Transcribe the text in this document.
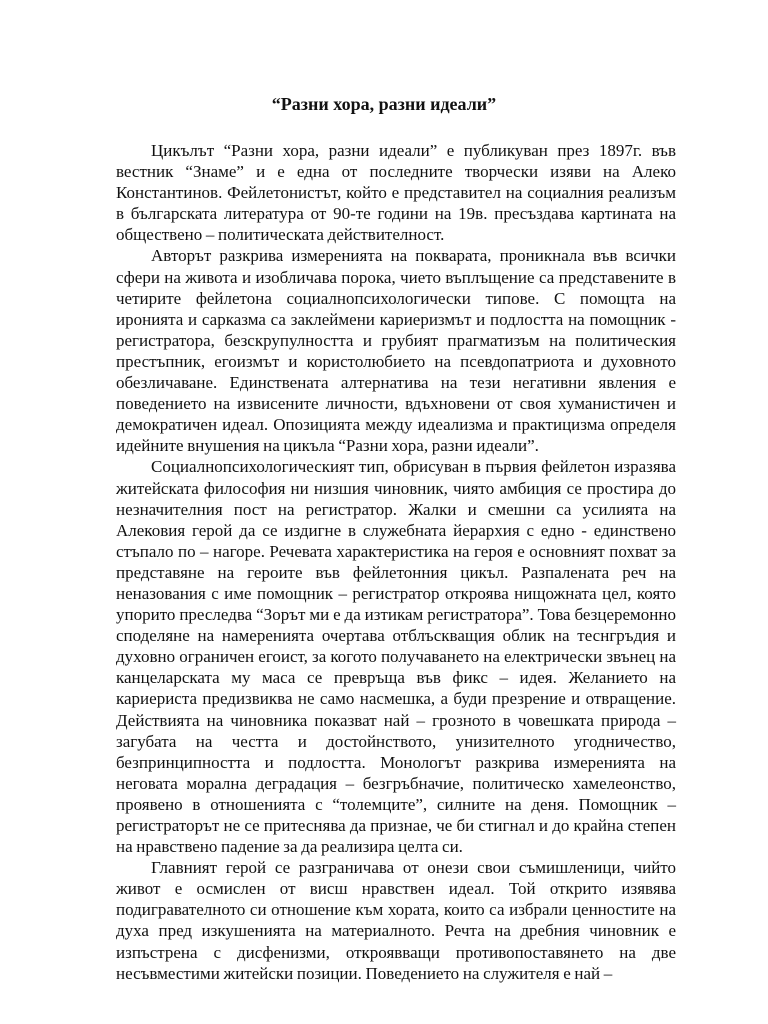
“Разни хора, разни идеали”

Цикълът “Разни хора, разни идеали” е публикуван през 1897г. във вестник “Знаме” и е една от последните творчески изяви на Алеко Константинов. Фейлетонистът, който е представител на социалния реализъм в българската литература от 90-те години на 19в. пресъздава картината на обществено – политическата действителност.

Авторът разкрива измеренията на покварата, проникнала във всички сфери на живота и изобличава порока, чието въплъщение са представените в четирите фейлетона социалнопсихологически типове. С помощта на иронията и сарказма са заклеймени кариеризмът и подлостта на помощник - регистратора, безскрупулността и грубият прагматизъм на политическия престъпник, егоизмът и користолюбието на псевдопатриота и духовното обезличаване. Единствената алтернатива на тези негативни явления е поведението на извисените личности, вдъхновени от своя хуманистичен и демократичен идеал. Опозицията между идеализма и практицизма определя идейните внушения на цикъла “Разни хора, разни идеали”.

Социалнопсихологическият тип, обрисуван в първия фейлетон изразява житейската философия ни низшия чиновник, чиято амбиция се простира до незначителния пост на регистратор. Жалки и смешни са усилията на Алековия герой да се издигне в служебната йерархия с едно - единствено стъпало по – нагоре. Речевата характеристика на героя е основният похват за представяне на героите във фейлетонния цикъл. Разпалената реч на неназования с име помощник – регистратор откроява нищожната цел, която упорито преследва “Зорът ми е да изтикам регистратора”. Това безцеремонно споделяне на намеренията очертава отблъскващия облик на теснгръдия и духовно ограничен егоист, за когото получаването на електрически звънец на канцеларската му маса се превръща във фикс – идея. Желанието на кариериста предизвиква не само насмешка, а буди презрение и отвращение. Действията на чиновника показват най – грозното в човешката природа – загубата на честта и достойнството, унизителното угодничество, безпринципността и подлостта. Монологът разкрива измеренията на неговата морална деградация – безгръбначие, политическо хамелеонство, проявено в отношенията с “толемците”, силните на деня. Помощник – регистраторът не се притеснява да признае, че би стигнал и до крайна степен на нравствено падение за да реализира целта си.

Главният герой се разграничава от онези свои съмишленици, чийто живот е осмислен от висш нравствен идеал. Той открито изявява подигравателното си отношение към хората, които са избрали ценностите на духа пред изкушенията на материалното. Речта на дребния чиновник е изпъстрена с дисфенизми, откроявващи противопоставянето на две несъвместими житейски позиции. Поведението на служителя е най –
